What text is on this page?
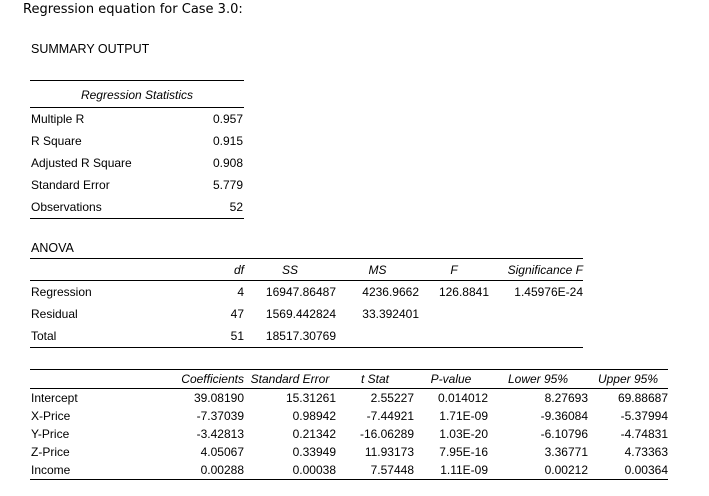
Regression equation for Case 3.0:
SUMMARY OUTPUT
Regression Statistics	
Multiple R	0.957
R Square	0.915
Adjusted R Square	0.908
Standard Error	5.779
Observations	52
ANOVA
	df	SS	MS	F	Significance F
Regression	4	16947.86487	4236.9662	126.8841	1.45976E-24
Residual	47	1569.442824	33.392401		
Total	51	18517.30769			
	Coefficients	Standard Error	t Stat	P-value	Lower 95%	Upper 95%
Intercept	39.08190	15.31261	2.55227	0.014012	8.27693	69.88687
X-Price	-7.37039	0.98942	-7.44921	1.71E-09	-9.36084	-5.37994
Y-Price	-3.42813	0.21342	-16.06289	1.03E-20	-6.10796	-4.74831
Z-Price	4.05067	0.33949	11.93173	7.95E-16	3.36771	4.73363
Income	0.00288	0.00038	7.57448	1.11E-09	0.00212	0.00364
